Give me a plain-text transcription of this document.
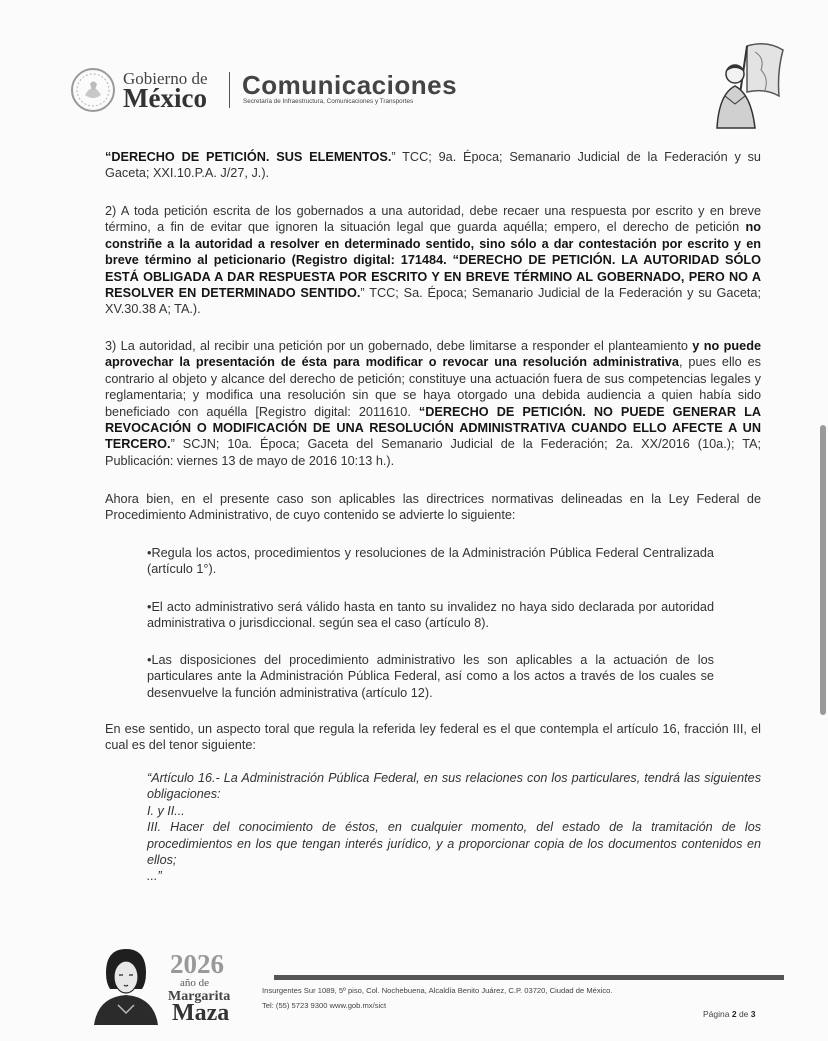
Gobierno de
México Comunicaciones
Secretaría de Infraestructura, Comunicaciones y Transportes

“DERECHO DE PETICIÓN. SUS ELEMENTOS.” TCC; 9a. Época; Semanario Judicial de la Federación y su Gaceta; XXI.10.P.A. J/27, J.).

2) A toda petición escrita de los gobernados a una autoridad, debe recaer una respuesta por escrito y en breve término, a fin de evitar que ignoren la situación legal que guarda aquélla; empero, el derecho de petición no constriñe a la autoridad a resolver en determinado sentido, sino sólo a dar contestación por escrito y en breve término al peticionario (Registro digital: 171484. “DERECHO DE PETICIÓN. LA AUTORIDAD SÓLO ESTÁ OBLIGADA A DAR RESPUESTA POR ESCRITO Y EN BREVE TÉRMINO AL GOBERNADO, PERO NO A RESOLVER EN DETERMINADO SENTIDO.” TCC; Sa. Época; Semanario Judicial de la Federación y su Gaceta; XV.30.38 A; TA.).

3) La autoridad, al recibir una petición por un gobernado, debe limitarse a responder el planteamiento y no puede aprovechar la presentación de ésta para modificar o revocar una resolución administrativa, pues ello es contrario al objeto y alcance del derecho de petición; constituye una actuación fuera de sus competencias legales y reglamentaria; y modifica una resolución sin que se haya otorgado una debida audiencia a quien había sido beneficiado con aquélla [Registro digital: 2011610. “DERECHO DE PETICIÓN. NO PUEDE GENERAR LA REVOCACIÓN O MODIFICACIÓN DE UNA RESOLUCIÓN ADMINISTRATIVA CUANDO ELLO AFECTE A UN TERCERO.” SCJN; 10a. Época; Gaceta del Semanario Judicial de la Federación; 2a. XX/2016 (10a.); TA; Publicación: viernes 13 de mayo de 2016 10:13 h.).

Ahora bien, en el presente caso son aplicables las directrices normativas delineadas en la Ley Federal de Procedimiento Administrativo, de cuyo contenido se advierte lo siguiente:

•Regula los actos, procedimientos y resoluciones de la Administración Pública Federal Centralizada (artículo 1°).

•El acto administrativo será válido hasta en tanto su invalidez no haya sido declarada por autoridad administrativa o jurisdiccional. según sea el caso (artículo 8).

•Las disposiciones del procedimiento administrativo les son aplicables a la actuación de los particulares ante la Administración Pública Federal, así como a los actos a través de los cuales se desenvuelve la función administrativa (artículo 12).

En ese sentido, un aspecto toral que regula la referida ley federal es el que contempla el artículo 16, fracción III, el cual es del tenor siguiente:

“Artículo 16.- La Administración Pública Federal, en sus relaciones con los particulares, tendrá las siguientes obligaciones:
I. y II...
III. Hacer del conocimiento de éstos, en cualquier momento, del estado de la tramitación de los procedimientos en los que tengan interés jurídico, y a proporcionar copia de los documentos contenidos en ellos;
...”
2026
año de
Margarita
Maza
Insurgentes Sur 1089, 5º piso, Col. Nochebuena, Alcaldía Benito Juárez, C.P. 03720, Ciudad de México.
Tel: (55) 5723 9300 www.gob.mx/sict
Página 2 de 3
